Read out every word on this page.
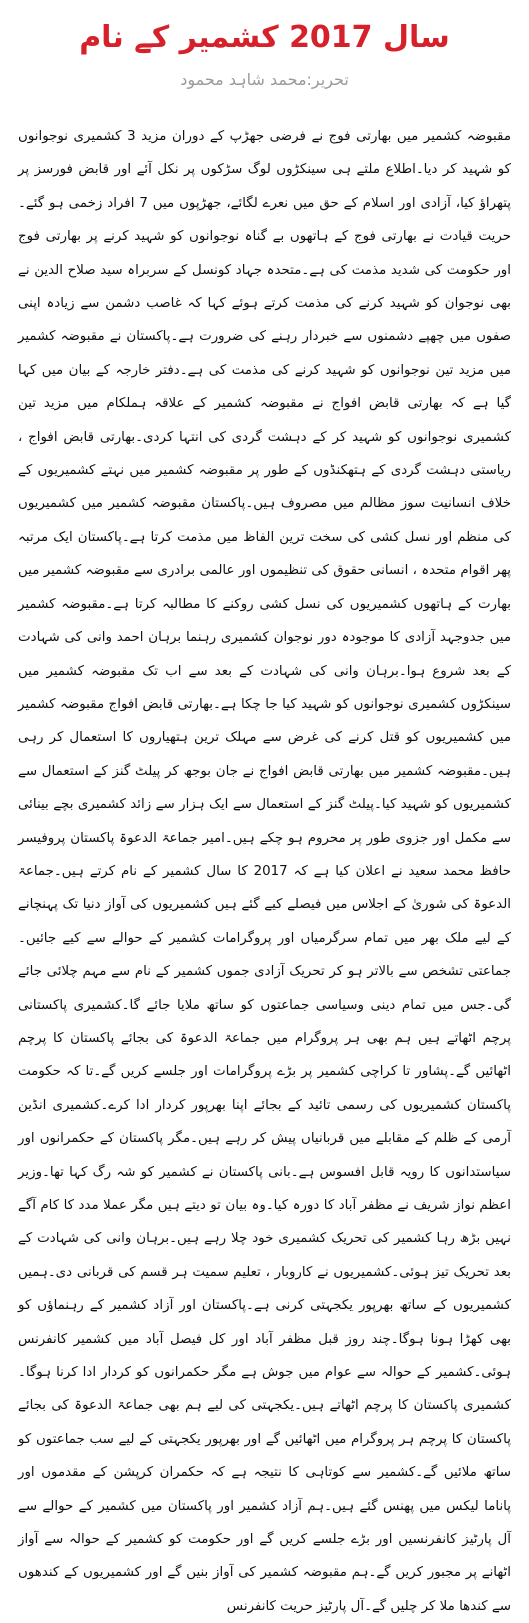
سال 2017 کشمیر کے نام
تحریر:محمد شاہد محمود

مقبوضہ کشمیر میں بھارتی فوج نے فرضی جھڑپ کے دوران مزید 3 کشمیری نوجوانوں کو شہید کر دیا۔اطلاع ملتے ہی سینکڑوں لوگ سڑکوں پر نکل آئے اور قابض فورسز پر پتھراؤ کیا، آزادی اور اسلام کے حق میں نعرے لگائے، جھڑپوں میں 7 افراد زخمی ہو گئے۔حریت قیادت نے بھارتی فوج کے ہاتھوں بے گناہ نوجوانوں کو شہید کرنے پر بھارتی فوج اور حکومت کی شدید مذمت کی ہے۔متحدہ جہاد کونسل کے سربراہ سید صلاح الدین نے بھی نوجوان کو شہید کرنے کی مذمت کرتے ہوئے کہا کہ غاصب دشمن سے زیادہ اپنی صفوں میں چھپے دشمنوں سے خبردار رہنے کی ضرورت ہے۔پاکستان نے مقبوضہ کشمیر میں مزید تین نوجوانوں کو شہید کرنے کی مذمت کی ہے۔دفتر خارجہ کے بیان میں کہا گیا ہے کہ بھارتی قابض افواج نے مقبوضہ کشمیر کے علاقہ ہملکام میں مزید تین کشمیری نوجوانوں کو شہید کر کے دہشت گردی کی انتہا کردی۔بھارتی قابض افواج ، ریاستی دہشت گردی کے ہتھکنڈوں کے طور پر مقبوضہ کشمیر میں نہتے کشمیریوں کے خلاف انسانیت سوز مظالم میں مصروف ہیں۔پاکستان مقبوضہ کشمیر میں کشمیریوں کی منظم اور نسل کشی کی سخت ترین الفاظ میں مذمت کرتا ہے۔پاکستان ایک مرتبہ پھر اقوام متحدہ ، انسانی حقوق کی تنظیموں اور عالمی برادری سے مقبوضہ کشمیر میں بھارت کے ہاتھوں کشمیریوں کی نسل کشی روکنے کا مطالبہ کرتا ہے۔مقبوضہ کشمیر میں جدوجہد آزادی کا موجودہ دور نوجوان کشمیری رہنما برہان احمد وانی کی شہادت کے بعد شروع ہوا۔برہان وانی کی شہادت کے بعد سے اب تک مقبوضہ کشمیر میں سینکڑوں کشمیری نوجوانوں کو شہید کیا جا چکا ہے۔بھارتی قابض افواج مقبوضہ کشمیر میں کشمیریوں کو قتل کرنے کی غرض سے مہلک ترین ہتھیاروں کا استعمال کر رہی ہیں۔مقبوضہ کشمیر میں بھارتی قابض افواج نے جان بوجھ کر پیلٹ گنز کے استعمال سے کشمیریوں کو شہید کیا۔پیلٹ گنز کے استعمال سے ایک ہزار سے زائد کشمیری بچے بینائی سے مکمل اور جزوی طور پر محروم ہو چکے ہیں۔امیر جماعۃ الدعوۃ پاکستان پروفیسر حافظ محمد سعید نے اعلان کیا ہے کہ 2017 کا سال کشمیر کے نام کرتے ہیں۔جماعۃ الدعوۃ کی شوریٰ کے اجلاس میں فیصلے کیے گئے ہیں کشمیریوں کی آواز دنیا تک پہنچانے کے لیے ملک بھر میں تمام سرگرمیاں اور پروگرامات کشمیر کے حوالے سے کیے جائیں۔جماعتی تشخص سے بالاتر ہو کر تحریک آزادی جموں کشمیر کے نام سے مہم چلائی جائے گی۔جس میں تمام دینی وسیاسی جماعتوں کو ساتھ ملایا جائے گا۔کشمیری پاکستانی پرچم اٹھاتے ہیں ہم بھی ہر پروگرام میں جماعۃ الدعوۃ کی بجائے پاکستان کا پرچم اٹھائیں گے۔پشاور تا کراچی کشمیر پر بڑے پروگرامات اور جلسے کریں گے۔تا کہ حکومت پاکستان کشمیریوں کی رسمی تائید کے بجائے اپنا بھرپور کردار ادا کرے۔کشمیری انڈین آرمی کے ظلم کے مقابلے میں قربانیاں پیش کر رہے ہیں۔مگر پاکستان کے حکمرانوں اور سیاستدانوں کا رویہ قابل افسوس ہے۔بانی پاکستان نے کشمیر کو شہ رگ کہا تھا۔وزیر اعظم نواز شریف نے مظفر آباد کا دورہ کیا۔وہ بیان تو دیتے ہیں مگر عملا مدد کا کام آگے نہیں بڑھ رہا کشمیر کی تحریک کشمیری خود چلا رہے ہیں۔برہان وانی کی شہادت کے بعد تحریک تیز ہوئی۔کشمیریوں نے کاروبار ، تعلیم سمیت ہر قسم کی قربانی دی۔ہمیں کشمیریوں کے ساتھ بھرپور یکجہتی کرنی ہے۔پاکستان اور آزاد کشمیر کے رہنماؤں کو بھی کھڑا ہونا ہوگا۔چند روز قبل مظفر آباد اور کل فیصل آباد میں کشمیر کانفرنس ہوئی۔کشمیر کے حوالہ سے عوام میں جوش ہے مگر حکمرانوں کو کردار ادا کرنا ہوگا۔کشمیری پاکستان کا پرچم اٹھاتے ہیں۔یکجہتی کی لیے ہم بھی جماعۃ الدعوۃ کی بجائے پاکستان کا پرچم ہر پروگرام میں اٹھائیں گے اور بھرپور یکجہتی کے لیے سب جماعتوں کو ساتھ ملائیں گے۔کشمیر سے کوتاہی کا نتیجہ ہے کہ حکمران کرپشن کے مقدموں اور پاناما لیکس میں پھنس گئے ہیں۔ہم آزاد کشمیر اور پاکستان میں کشمیر کے حوالے سے آل پارٹیز کانفرنسیں اور بڑے جلسے کریں گے اور حکومت کو کشمیر کے حوالہ سے آواز اٹھانے پر مجبور کریں گے۔ہم مقبوضہ کشمیر کی آواز بنیں گے اور کشمیریوں کے کندھوں سے کندھا ملا کر چلیں گے۔آل پارٹیز حریت کانفرنس
